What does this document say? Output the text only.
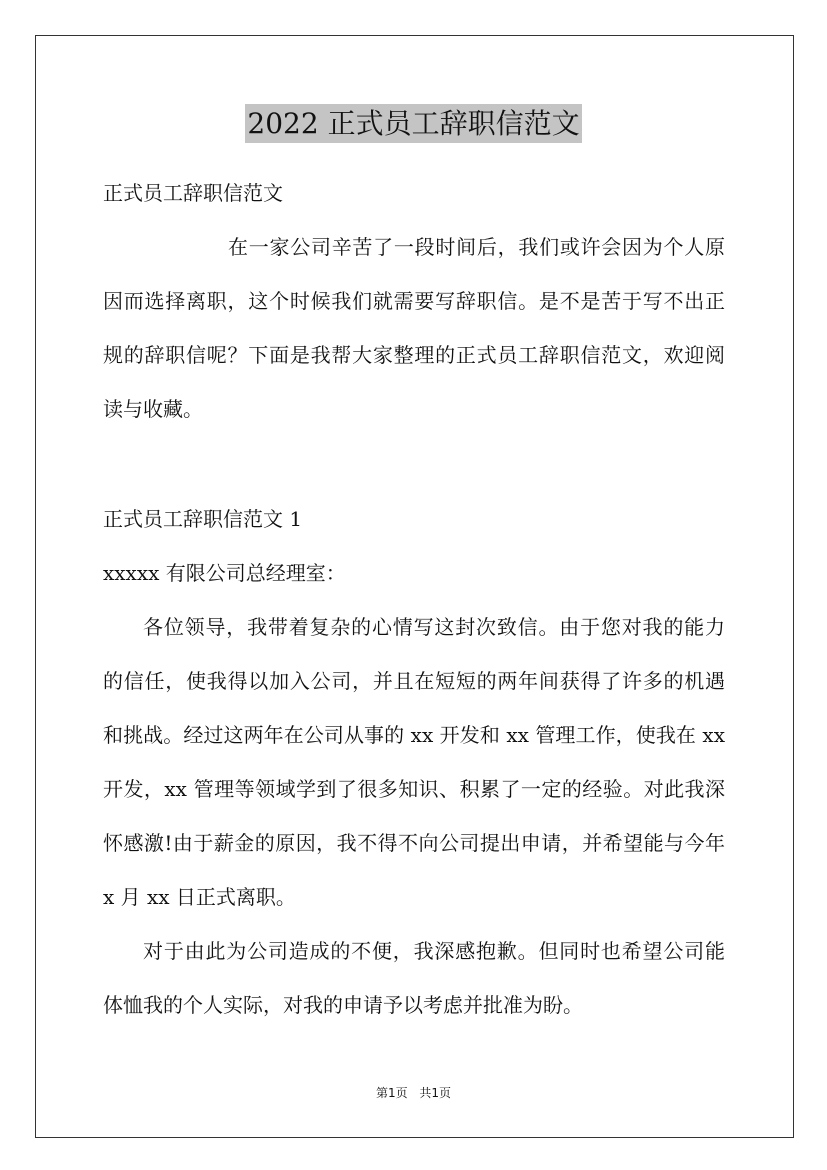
2022 正式员工辞职信范文
正式员工辞职信范文
在一家公司辛苦了一段时间后，我们或许会因为个人原
因而选择离职，这个时候我们就需要写辞职信。是不是苦于写不出正
规的辞职信呢？下面是我帮大家整理的正式员工辞职信范文，欢迎阅
读与收藏。
正式员工辞职信范文 1
xxxxx 有限公司总经理室：
各位领导，我带着复杂的心情写这封次致信。由于您对我的能力
的信任，使我得以加入公司，并且在短短的两年间获得了许多的机遇
和挑战。经过这两年在公司从事的 xx 开发和 xx 管理工作，使我在 xx
开发，xx 管理等领域学到了很多知识、积累了一定的经验。对此我深
怀感激!由于薪金的原因，我不得不向公司提出申请，并希望能与今年
x 月 xx 日正式离职。
对于由此为公司造成的不便，我深感抱歉。但同时也希望公司能
体恤我的个人实际，对我的申请予以考虑并批准为盼。
第1页 共1页
